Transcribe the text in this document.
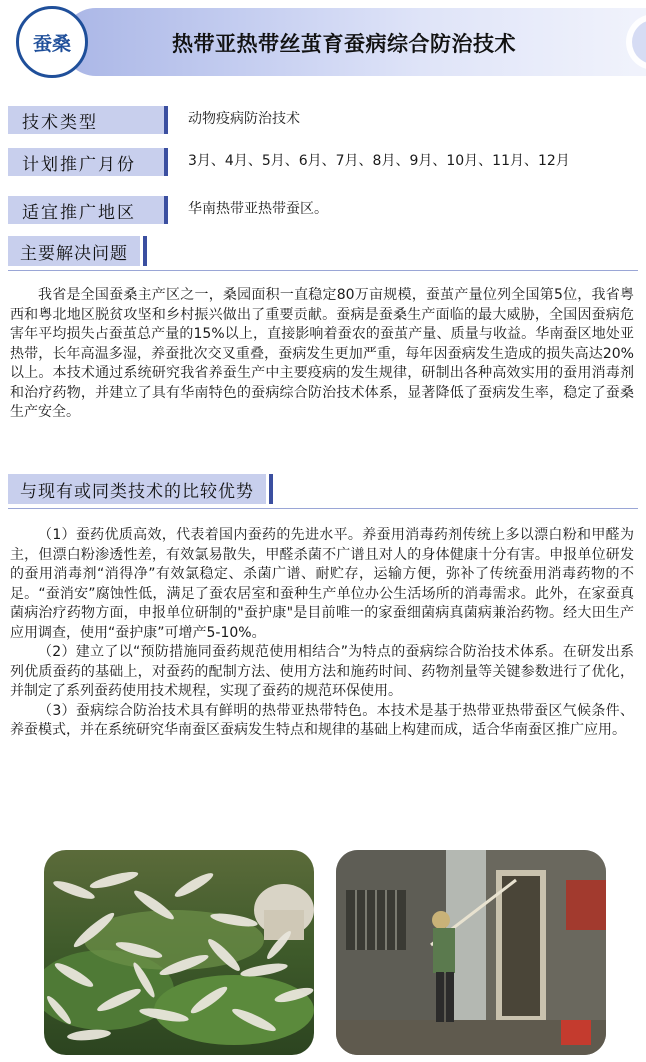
蚕桑	热带亚热带丝茧育蚕病综合防治技术
技术类型	动物疫病防治技术
计划推广月份	3月、4月、5月、6月、7月、8月、9月、10月、11月、12月
适宜推广地区	华南热带亚热带蚕区。
主要解决问题

我省是全国蚕桑主产区之一，桑园面积一直稳定80万亩规模，蚕茧产量位列全国第5位，我省粤西和粤北地区脱贫攻坚和乡村振兴做出了重要贡献。蚕病是蚕桑生产面临的最大威胁，全国因蚕病危害年平均损失占蚕茧总产量的15%以上，直接影响着蚕农的蚕茧产量、质量与收益。华南蚕区地处亚热带，长年高温多湿，养蚕批次交叉重叠，蚕病发生更加严重，每年因蚕病发生造成的损失高达20%以上。本技术通过系统研究我省养蚕生产中主要疫病的发生规律，研制出各种高效实用的蚕用消毒剂和治疗药物，并建立了具有华南特色的蚕病综合防治技术体系，显著降低了蚕病发生率，稳定了蚕桑生产安全。

与现有或同类技术的比较优势

（1）蚕药优质高效，代表着国内蚕药的先进水平。养蚕用消毒药剂传统上多以漂白粉和甲醛为主，但漂白粉渗透性差，有效氯易散失，甲醛杀菌不广谱且对人的身体健康十分有害。申报单位研发的蚕用消毒剂“消得净”有效氯稳定、杀菌广谱、耐贮存，运输方便，弥补了传统蚕用消毒药物的不足。“蚕消安”腐蚀性低，满足了蚕农居室和蚕种生产单位办公生活场所的消毒需求。此外，在家蚕真菌病治疗药物方面，申报单位研制的"蚕护康"是目前唯一的家蚕细菌病真菌病兼治药物。经大田生产应用调查，使用“蚕护康”可增产5-10%。

（2）建立了以“预防措施同蚕药规范使用相结合”为特点的蚕病综合防治技术体系。在研发出系列优质蚕药的基础上，对蚕药的配制方法、使用方法和施药时间、药物剂量等关键参数进行了优化，并制定了系列蚕药使用技术规程，实现了蚕药的规范环保使用。

（3）蚕病综合防治技术具有鲜明的热带亚热带特色。本技术是基于热带亚热带蚕区气候条件、养蚕模式，并在系统研究华南蚕区蚕病发生特点和规律的基础上构建而成，适合华南蚕区推广应用。
